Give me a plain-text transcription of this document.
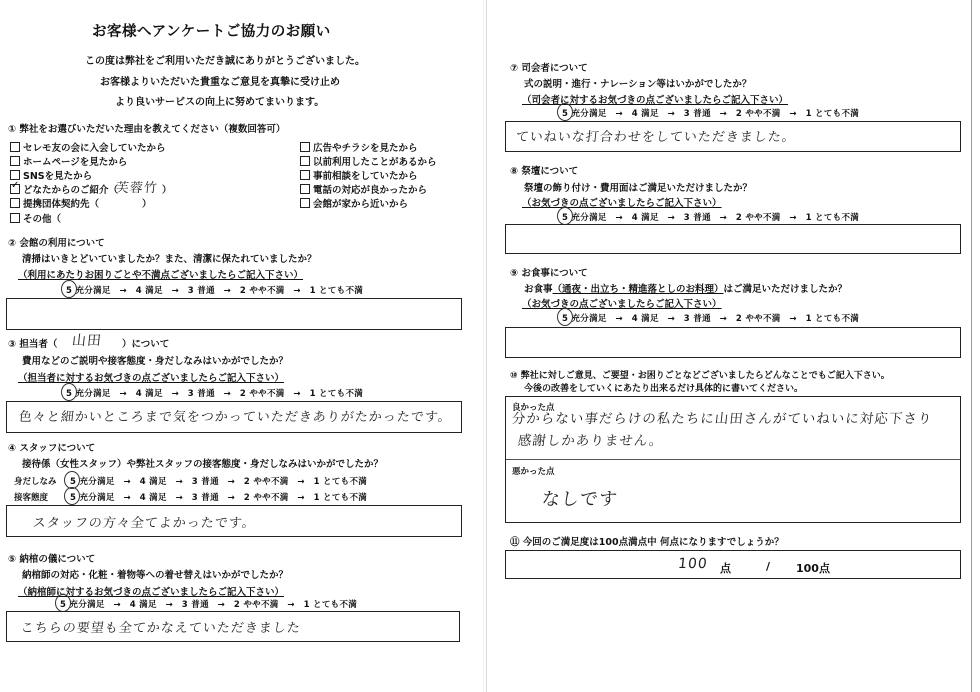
お客様へアンケートご協力のお願い
この度は弊社をご利用いただき誠にありがとうございました。
お客様よりいただいた貴重なご意見を真摯に受け止め
より良いサービスの向上に努めてまいります。
① 弊社をお選びいただいた理由を教えてください（複数回答可）
セレモ友の会に入会していたから
ホームページを見たから
SNSを見たから
✓どなたからのご紹介（
芙蓉竹 ）
提携団体契約先（	）
その他（
広告やチラシを見たから
以前利用したことがあるから
事前相談をしていたから
電話の対応が良かったから
会館が家から近いから
② 会館の利用について
清掃はいきとどいていましたか？また、清潔に保たれていましたか？
（利用にあたりお困りごとや不満点ございましたらご記入下さい）
5 充分満足　→　4 満足　→　3 普通　→　2 やや不満　→　1 とても不満
③ 担当者（ 山田 ）について
費用などのご説明や接客態度・身だしなみはいかがでしたか？
（担当者に対するお気づきの点ございましたらご記入下さい）
5 充分満足　→　4 満足　→　3 普通　→　2 やや不満　→　1 とても不満
色々と細かいところまで気をつかっていただきありがたかったです。
④ スタッフについて
接待係（女性スタッフ）や弊社スタッフの接客態度・身だしなみはいかがでしたか？
身だしなみ 5 充分満足　→　4 満足　→　3 普通　→　2 やや不満　→　1 とても不満
接客態度	5 充分満足　→　4 満足　→　3 普通　→　2 やや不満　→　1 とても不満
スタッフの方々全てよかったです。
⑤ 納棺の儀について
納棺師の対応・化粧・着物等への着せ替えはいかがでしたか？
（納棺師に対するお気づきの点ございましたらご記入下さい）
5 充分満足　→　4 満足　→　3 普通　→　2 やや不満　→　1 とても不満
こちらの要望も全てかなえていただきました
⑦ 司会者について
式の説明・進行・ナレーション等はいかがでしたか？
（司会者に対するお気づきの点ございましたらご記入下さい）
5 充分満足　→　4 満足　→　3 普通　→　2 やや不満　→　1 とても不満
ていねいな打合わせをしていただきました。
⑧ 祭壇について
祭壇の飾り付け・費用面はご満足いただけましたか？
（お気づきの点ございましたらご記入下さい）
5 充分満足　→　4 満足　→　3 普通　→　2 やや不満　→　1 とても不満
⑨ お食事について
お食事（通夜・出立ち・精進落としのお料理）はご満足いただけましたか？
（お気づきの点ございましたらご記入下さい）
5 充分満足　→　4 満足　→　3 普通　→　2 やや不満　→　1 とても不満
⑩ 弊社に対しご意見、ご要望・お困りごとなどございましたらどんなことでもご記入下さい。
今後の改善をしていくにあたり出来るだけ具体的に書いてください。
良かった点
分からない事だらけの私たちに山田さんがていねいに対応下さり
感謝しかありません。
悪かった点
なしです
⑪ 今回のご満足度は100点満点中 何点になりますでしょうか？
100 点	/ 100点
